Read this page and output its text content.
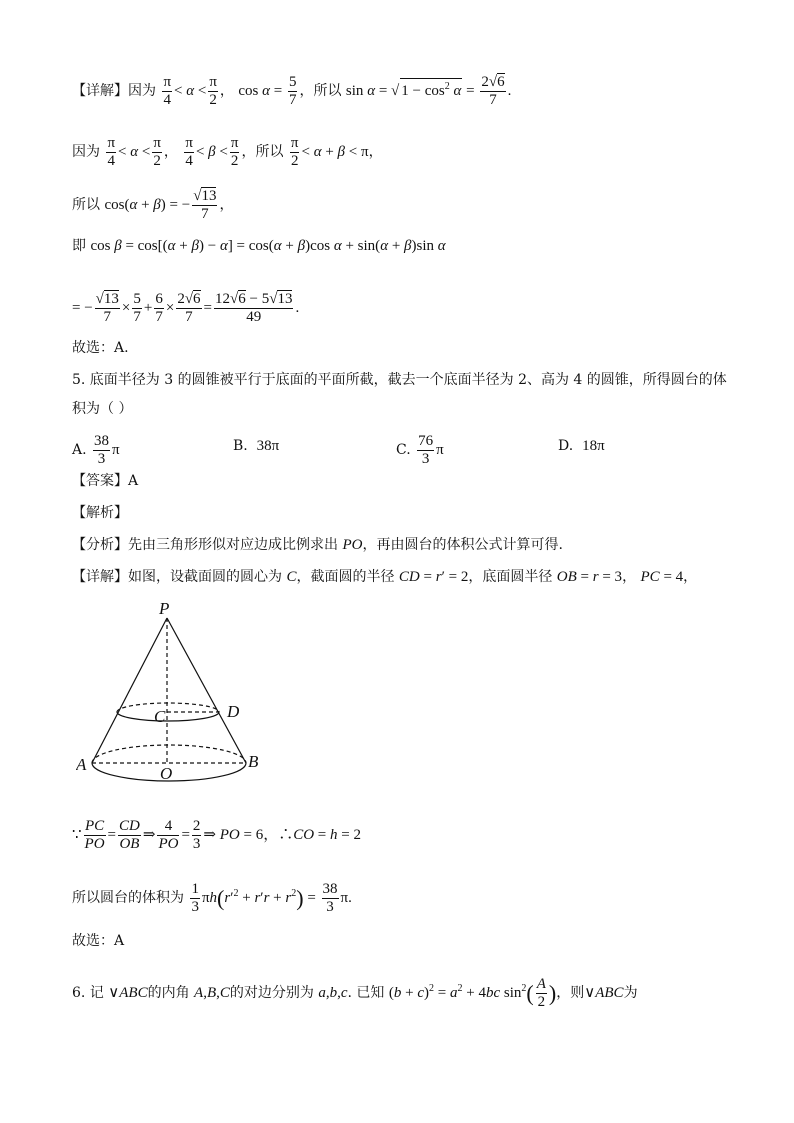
【详解】因为 $\frac{\pi}{4} < \alpha < \frac{\pi}{2}$ ， $\cos \alpha = \frac{5}{7}$ ，所以 sin α = √ $1 - \cos^2 \alpha = \frac{2√6}{7}$ .
因为 $\frac{\pi}{4} < \alpha < \frac{\pi}{2}$ ， $\frac{\pi}{4} < \beta < \frac{\pi}{2}$ ，所以 $\frac{\pi}{2} < \alpha + \beta < \pi$，
所以 cos(α + β) = − $\frac{√13}{7}$ ，
即 cos β = cos[(α + β) − α] = cos(α + β)cos α + sin(α + β)sin α
= − $\frac{√13}{7} \times \frac{5}{7} + \frac{6}{7} \times \frac{2√6}{7} = \frac{12√6 - 5√13}{49}$ .
故选：A.
5. 底面半径为 3 的圆锥被平行于底面的平面所截，截去一个底面半径为 2、高为 4 的圆锥，所得圆台的体
积为（ ）
A. $\frac{38}{3}$ π	B. 38π	C. $\frac{76}{3}$ π	D. 18π
【答案】A
【解析】
【分析】先由三角形形似对应边成比例求出 PO，再由圆台的体积公式计算可得.
【详解】如图，设截面圆的圆心为 C，截面圆的半径 CD = r′ = 2，底面圆半径 OB = r = 3， PC = 4，
P
C	D
A	O
B
∵ $\frac{PC}{PO} = \frac{CD}{OB}$ ⇒ $\frac{4}{PO} = \frac{2}{3}$ ⇒ PO = 6，∴CO = h = 2
所以圆台的体积为 $\frac{1}{3} \pi h(r'^2 + r'r + r^2) = \frac{38}{3} \pi$.
故选：A
6. 记 ∨ABC的内角 A,B,C的对边分别为 a,b,c. 已知 $(b + c)^2 = a^2 + 4bc$ $\sin^2( \frac{A}{2}$ )，则∨ABC为
